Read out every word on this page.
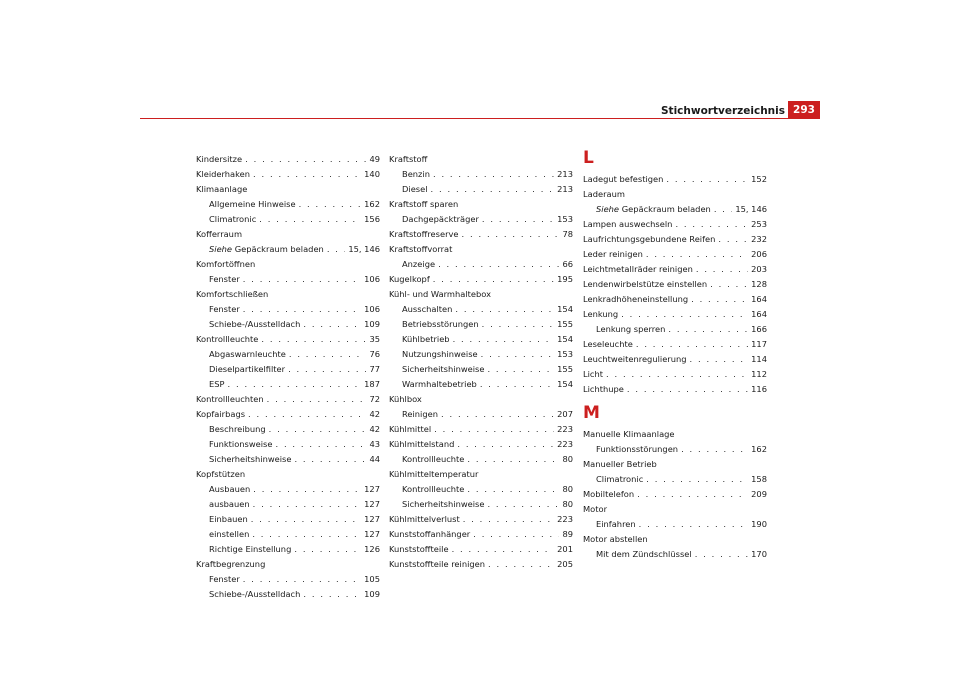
Stichwortverzeichnis 293
Kindersitze . . .	49
Kleiderhaken . . .	140
Klimaanlage
Allgemeine Hinweise . . .	162
Climatronic . . .	156
Kofferraum
Siehe Gepäckraum beladen . . .	15, 146
Komfortöffnen
Fenster . . .	106
Komfortschließen
Fenster . . .	106
Schiebe-/Ausstelldach . . .	109
Kontrollleuchte . . .	35
Abgaswarnleuchte . . .	76
Dieselpartikelfilter . . .	77
ESP . . .	187
Kontrollleuchten . . .	72
Kopfairbags . . .	42
Beschreibung . . .	42
Funktionsweise . . .	43
Sicherheitshinweise . . .	44
Kopfstützen
Ausbauen . . .	127
ausbauen . . .	127
Einbauen . . .	127
einstellen . . .	127
Richtige Einstellung . . .	126
Kraftbegrenzung
Fenster . . .	105
Schiebe-/Ausstelldach . . .	109
Kraftstoff
Benzin . . .	213
Diesel . . .	213
Kraftstoff sparen
Dachgepäckträger . . .	153
Kraftstoffreserve . . .	78
Kraftstoffvorrat
Anzeige . . .	66
Kugelkopf . . .	195
Kühl- und Warmhaltebox
Ausschalten . . .	154
Betriebsstörungen . . .	155
Kühlbetrieb . . .	154
Nutzungshinweise . . .	153
Sicherheitshinweise . . .	155
Warmhaltebetrieb . . .	154
Kühlbox
Reinigen . . .	207
Kühlmittel . . .	223
Kühlmittelstand . . .	223
Kontrollleuchte . . .	80
Kühlmitteltemperatur
Kontrollleuchte . . .	80
Sicherheitshinweise . . .	80
Kühlmittelverlust . . .	223
Kunststoffanhänger . . .	89
Kunststoffteile . . .	201
Kunststoffteile reinigen . . .	205
L
Ladegut befestigen . . .	152
Laderaum
Siehe Gepäckraum beladen . . .	15, 146
Lampen auswechseln . . .	253
Laufrichtungsgebundene Reifen . . .	232
Leder reinigen . . .	206
Leichtmetallräder reinigen . . .	203
Lendenwirbelstütze einstellen . . .	128
Lenkradhöheneinstellung . . .	164
Lenkung . . .	164
Lenkung sperren . . .	166
Leseleuchte . . .	117
Leuchtweitenregulierung . . .	114
Licht . . .	112
Lichthupe . . .	116
M
Manuelle Klimaanlage
Funktionsstörungen . . .	162
Manueller Betrieb
Climatronic . . .	158
Mobiltelefon . . .	209
Motor
Einfahren . . .	190
Motor abstellen
Mit dem Zündschlüssel . . .	170
